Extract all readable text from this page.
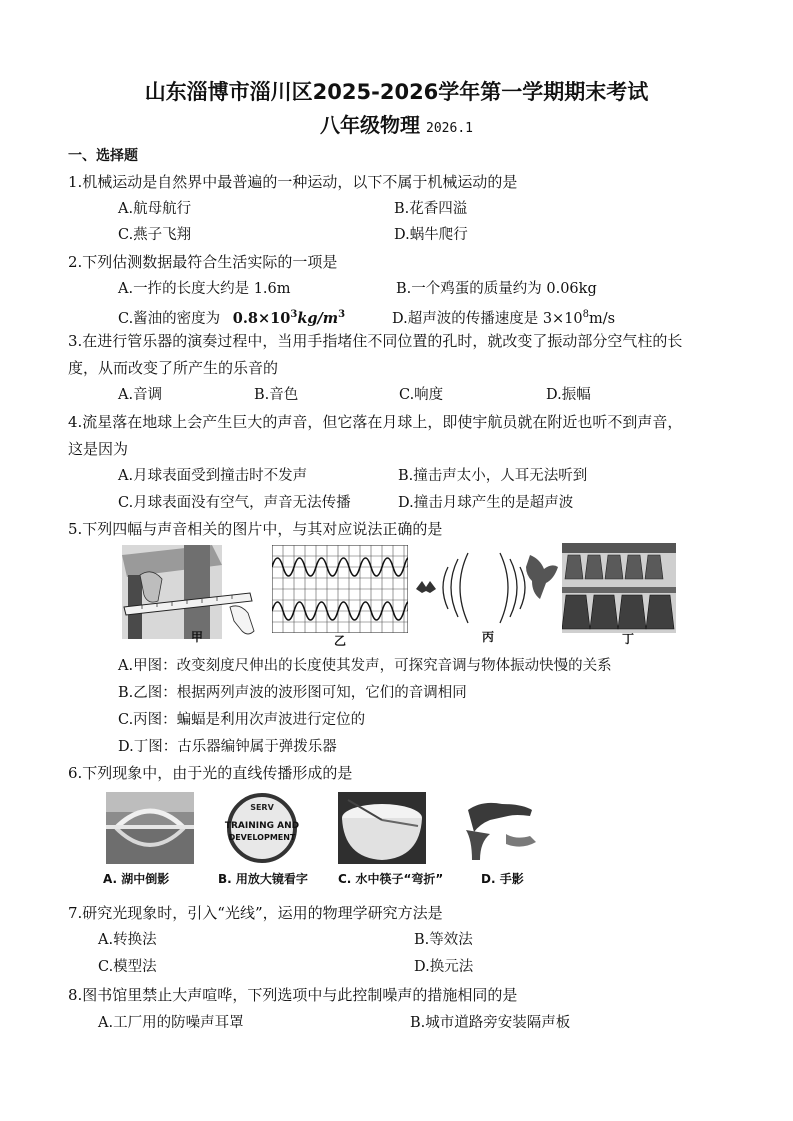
山东淄博市淄川区2025-2026学年第一学期期末考试
八年级物理 2026.1
一、选择题
1.机械运动是自然界中最普遍的一种运动，以下不属于机械运动的是
A.航母航行	B.花香四溢
C.燕子飞翔	D.蜗牛爬行
2.下列估测数据最符合生活实际的一项是
A.一拃的长度大约是 1.6m	B.一个鸡蛋的质量约为 0.06kg
C.酱油的密度为 $0.8\times 10^3kg/m^3$	D.超声波的传播速度是 $3\times 10^8m/s$
3.在进行管乐器的演奏过程中，当用手指堵住不同位置的孔时，就改变了振动部分空气柱的长
度，从而改变了所产生的乐音的
A.音调	B.音色	C.响度	D.振幅
4.流星落在地球上会产生巨大的声音，但它落在月球上，即使宇航员就在附近也听不到声音，
这是因为
A.月球表面受到撞击时不发声	B.撞击声太小，人耳无法听到
C.月球表面没有空气，声音无法传播	D.撞击月球产生的是超声波
5.下列四幅与声音相关的图片中，与其对应说法正确的是
甲	乙	丙	丁
A.甲图：改变刻度尺伸出的长度使其发声，可探究音调与物体振动快慢的关系
B.乙图：根据两列声波的波形图可知，它们的音调相同
C.丙图：蝙蝠是利用次声波进行定位的
D.丁图：古乐器编钟属于弹拨乐器
6.下列现象中，由于光的直线传播形成的是
A. 湖中倒影
SERV
TRAINING AND
DEVELOPMENT
B. 用放大镜看字	C. 水中筷子“弯折”	D. 手影
7.研究光现象时，引入“光线”，运用的物理学研究方法是
A.转换法	B.等效法
C.模型法	D.换元法
8.图书馆里禁止大声喧哗，下列选项中与此控制噪声的措施相同的是
A.工厂用的防噪声耳罩	B.城市道路旁安装隔声板
